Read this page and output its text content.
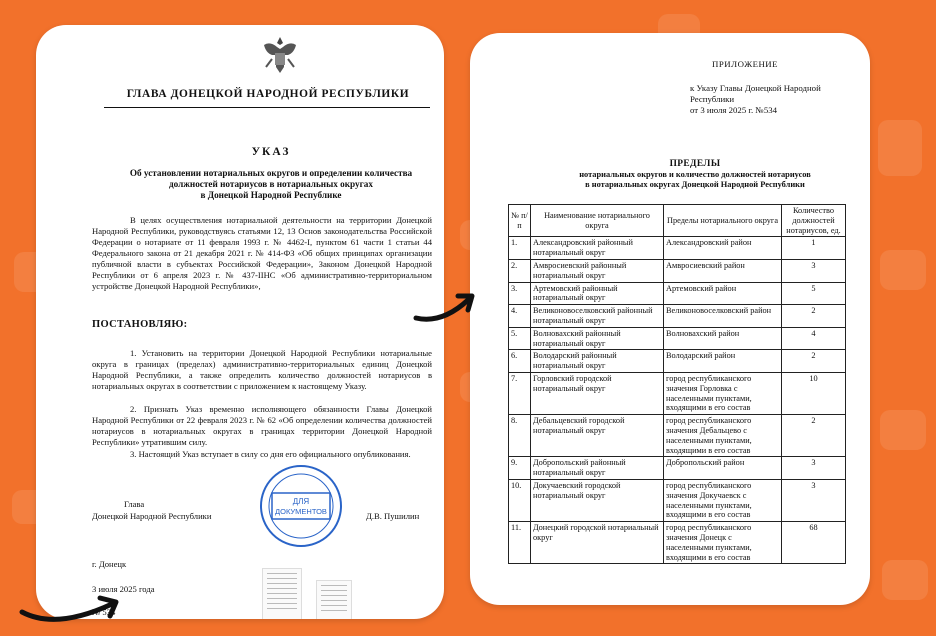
ГЛАВА ДОНЕЦКОЙ НАРОДНОЙ РЕСПУБЛИКИ
УКАЗ
Об установлении нотариальных округов и определении количества
должностей нотариусов в нотариальных округах
в Донецкой Народной Республике
В целях осуществления нотариальной деятельности на территории Донецкой Народной Республики, руководствуясь статьями 12, 13 Основ законодательства Российской Федерации о нотариате от 11 февраля 1993 г. № 4462-I, пунктом 61 части 1 статьи 44 Федерального закона от 21 декабря 2021 г. № 414-ФЗ «Об общих принципах организации публичной власти в субъектах Российской Федерации», Законом Донецкой Народной Республики от 6 апреля 2023 г. № 437-IIНС «Об административно-территориальном устройстве Донецкой Народной Республики»,
ПОСТАНОВЛЯЮ:
1. Установить на территории Донецкой Народной Республики нотариальные округа в границах (пределах) административно-территориальных единиц Донецкой Народной Республики, а также определить количество должностей нотариусов в нотариальных округах в соответствии с приложением к настоящему Указу.
2. Признать Указ временно исполняющего обязанности Главы Донецкой Народной Республики от 22 февраля 2023 г. № 62 «Об определении количества должностей нотариусов в нотариальных округах в границах территории Донецкой Народной Республики» утратившим силу.
3. Настоящий Указ вступает в силу со дня его официального опубликования.
Глава
Донецкой Народной Республики
ДЛЯ
ДОКУМЕНТОВ	Д.В. Пушилин
г. Донецк
3 июля 2025 года
№ 534
ПРИЛОЖЕНИЕ
к Указу Главы Донецкой Народной
Республики
от 3 июля 2025 г. №534
ПРЕДЕЛЫ
нотариальных округов и количество должностей нотариусов
в нотариальных округах Донецкой Народной Республики
№ п/п	Наименование нотариального округа	Пределы нотариального округа	Количество должностей нотариусов, ед.
1.	Александровский районный нотариальный округ	Александровский район	1
2.	Амвросиевский районный нотариальный округ	Амвросиевский район	3
3.	Артемовский районный нотариальный округ	Артемовский район	5
4.	Великоновоселковский районный нотариальный округ	Великоновоселковский район	2
5.	Волновахский районный нотариальный округ	Волновахский район	4
6.	Володарский районный нотариальный округ	Володарский район	2
7.	Горловский городской нотариальный округ	город республиканского значения Горловка с населенными пунктами, входящими в его состав	10
8.	Дебальцевский городской нотариальный округ	город республиканского значения Дебальцево с населенными пунктами, входящими в его состав	2
9.	Добропольский районный нотариальный округ	Добропольский район	3
10.	Докучаевский городской нотариальный округ	город республиканского значения Докучаевск с населенными пунктами, входящими в его состав	3
11.	Донецкий городской нотариальный округ	город республиканского значения Донецк с населенными пунктами, входящими в его состав	68
